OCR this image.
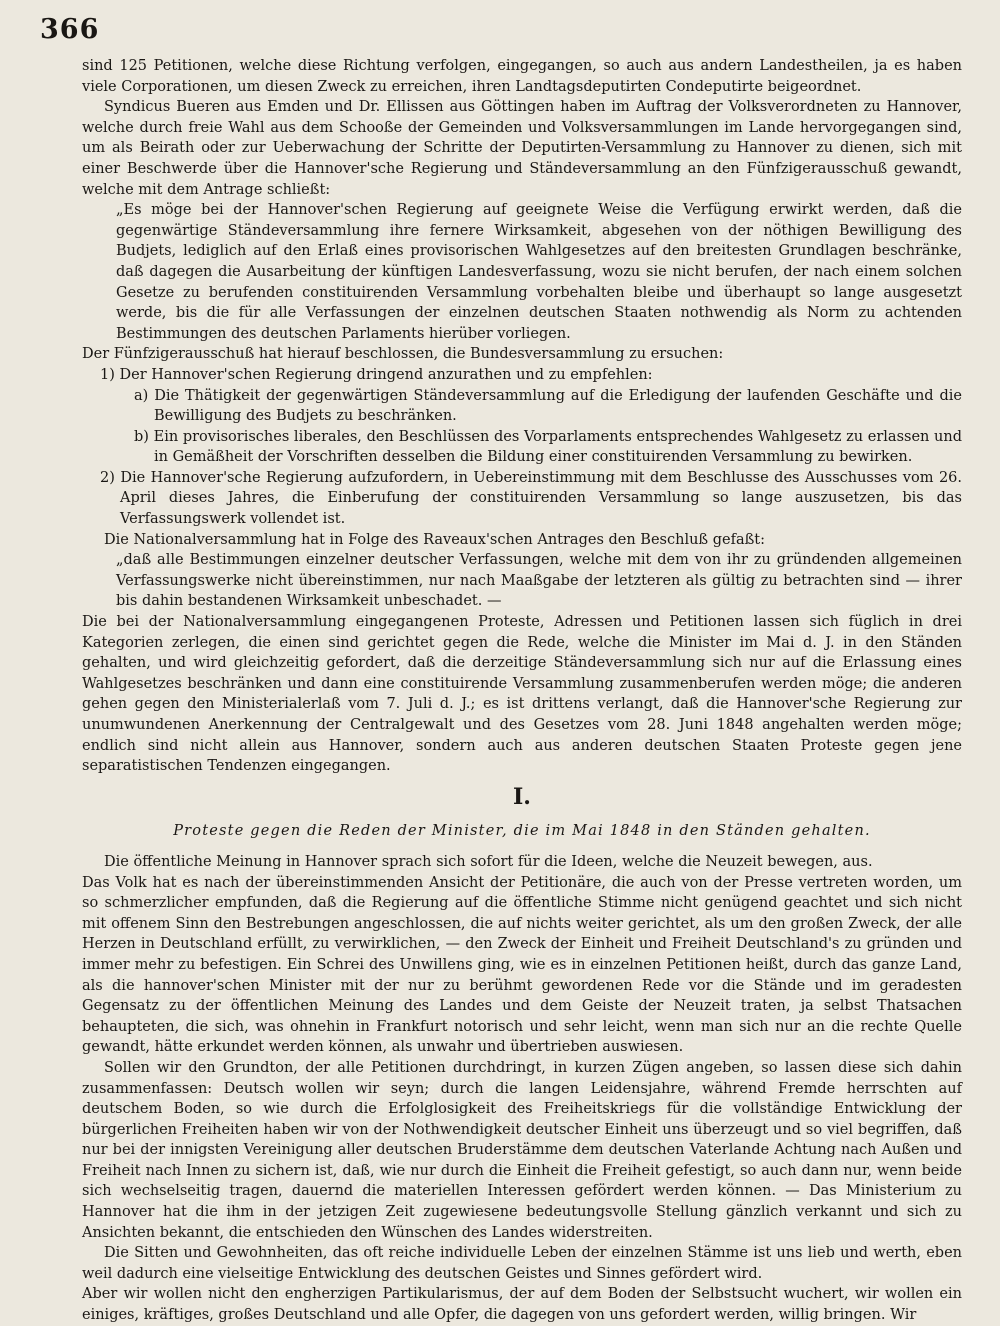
366

sind 125 Petitionen, welche diese Richtung verfolgen, eingegangen, so auch aus andern Landestheilen, ja es haben viele Corporationen, um diesen Zweck zu erreichen, ihren Landtagsdeputirten Condeputirte beigeordnet.

Syndicus Bueren aus Emden und Dr. Ellissen aus Göttingen haben im Auftrag der Volksverordneten zu Hannover, welche durch freie Wahl aus dem Schooße der Gemeinden und Volksversammlungen im Lande hervorgegangen sind, um als Beirath oder zur Ueberwachung der Schritte der Deputirten-Versammlung zu Hannover zu dienen, sich mit einer Beschwerde über die Hannover'sche Regierung und Ständeversammlung an den Fünfzigerausschuß gewandt, welche mit dem Antrage schließt:

„Es möge bei der Hannover'schen Regierung auf geeignete Weise die Verfügung erwirkt werden, daß die gegenwärtige Ständeversammlung ihre fernere Wirksamkeit, abgesehen von der nöthigen Bewilligung des Budjets, lediglich auf den Erlaß eines provisorischen Wahlgesetzes auf den breitesten Grundlagen beschränke, daß dagegen die Ausarbeitung der künftigen Landesverfassung, wozu sie nicht berufen, der nach einem solchen Gesetze zu berufenden constituirenden Versammlung vorbehalten bleibe und überhaupt so lange ausgesetzt werde, bis die für alle Verfassungen der einzelnen deutschen Staaten nothwendig als Norm zu achtenden Bestimmungen des deutschen Parlaments hierüber vorliegen.

Der Fünfzigerausschuß hat hierauf beschlossen, die Bundesversammlung zu ersuchen:

1) Der Hannover'schen Regierung dringend anzurathen und zu empfehlen:

a) Die Thätigkeit der gegenwärtigen Ständeversammlung auf die Erledigung der laufenden Geschäfte und die Bewilligung des Budjets zu beschränken.

b) Ein provisorisches liberales, den Beschlüssen des Vorparlaments entsprechendes Wahlgesetz zu erlassen und in Gemäßheit der Vorschriften desselben die Bildung einer constituirenden Versammlung zu bewirken.

2) Die Hannover'sche Regierung aufzufordern, in Uebereinstimmung mit dem Beschlusse des Ausschusses vom 26. April dieses Jahres, die Einberufung der constituirenden Versammlung so lange auszusetzen, bis das Verfassungswerk vollendet ist.

Die Nationalversammlung hat in Folge des Raveaux'schen Antrages den Beschluß gefaßt:

„daß alle Bestimmungen einzelner deutscher Verfassungen, welche mit dem von ihr zu gründenden allgemeinen Verfassungswerke nicht übereinstimmen, nur nach Maaßgabe der letzteren als gültig zu betrachten sind — ihrer bis dahin bestandenen Wirksamkeit unbeschadet. —

Die bei der Nationalversammlung eingegangenen Proteste, Adressen und Petitionen lassen sich füglich in drei Kategorien zerlegen, die einen sind gerichtet gegen die Rede, welche die Minister im Mai d. J. in den Ständen gehalten, und wird gleichzeitig gefordert, daß die derzeitige Ständeversammlung sich nur auf die Erlassung eines Wahlgesetzes beschränken und dann eine constituirende Versammlung zusammenberufen werden möge; die anderen gehen gegen den Ministerialerlaß vom 7. Juli d. J.; es ist drittens verlangt, daß die Hannover'sche Regierung zur unumwundenen Anerkennung der Centralgewalt und des Gesetzes vom 28. Juni 1848 angehalten werden möge; endlich sind nicht allein aus Hannover, sondern auch aus anderen deutschen Staaten Proteste gegen jene separatistischen Tendenzen eingegangen.

I.
Proteste gegen die Reden der Minister, die im Mai 1848 in den Ständen gehalten.

Die öffentliche Meinung in Hannover sprach sich sofort für die Ideen, welche die Neuzeit bewegen, aus.

Das Volk hat es nach der übereinstimmenden Ansicht der Petitionäre, die auch von der Presse vertreten worden, um so schmerzlicher empfunden, daß die Regierung auf die öffentliche Stimme nicht genügend geachtet und sich nicht mit offenem Sinn den Bestrebungen angeschlossen, die auf nichts weiter gerichtet, als um den großen Zweck, der alle Herzen in Deutschland erfüllt, zu verwirklichen, — den Zweck der Einheit und Freiheit Deutschland's zu gründen und immer mehr zu befestigen. Ein Schrei des Unwillens ging, wie es in einzelnen Petitionen heißt, durch das ganze Land, als die hannover'schen Minister mit der nur zu berühmt gewordenen Rede vor die Stände und im geradesten Gegensatz zu der öffentlichen Meinung des Landes und dem Geiste der Neuzeit traten, ja selbst Thatsachen behaupteten, die sich, was ohnehin in Frankfurt notorisch und sehr leicht, wenn man sich nur an die rechte Quelle gewandt, hätte erkundet werden können, als unwahr und übertrieben auswiesen.

Sollen wir den Grundton, der alle Petitionen durchdringt, in kurzen Zügen angeben, so lassen diese sich dahin zusammenfassen: Deutsch wollen wir seyn; durch die langen Leidensjahre, während Fremde herrschten auf deutschem Boden, so wie durch die Erfolglosigkeit des Freiheitskriegs für die vollständige Entwicklung der bürgerlichen Freiheiten haben wir von der Nothwendigkeit deutscher Einheit uns überzeugt und so viel begriffen, daß nur bei der innigsten Vereinigung aller deutschen Bruderstämme dem deutschen Vaterlande Achtung nach Außen und Freiheit nach Innen zu sichern ist, daß, wie nur durch die Einheit die Freiheit gefestigt, so auch dann nur, wenn beide sich wechselseitig tragen, dauernd die materiellen Interessen gefördert werden können. — Das Ministerium zu Hannover hat die ihm in der jetzigen Zeit zugewiesene bedeutungsvolle Stellung gänzlich verkannt und sich zu Ansichten bekannt, die entschieden den Wünschen des Landes widerstreiten.

Die Sitten und Gewohnheiten, das oft reiche individuelle Leben der einzelnen Stämme ist uns lieb und werth, eben weil dadurch eine vielseitige Entwicklung des deutschen Geistes und Sinnes gefördert wird.

Aber wir wollen nicht den engherzigen Partikularismus, der auf dem Boden der Selbstsucht wuchert, wir wollen ein einiges, kräftiges, großes Deutschland und alle Opfer, die dagegen von uns gefordert werden, willig bringen. Wir
